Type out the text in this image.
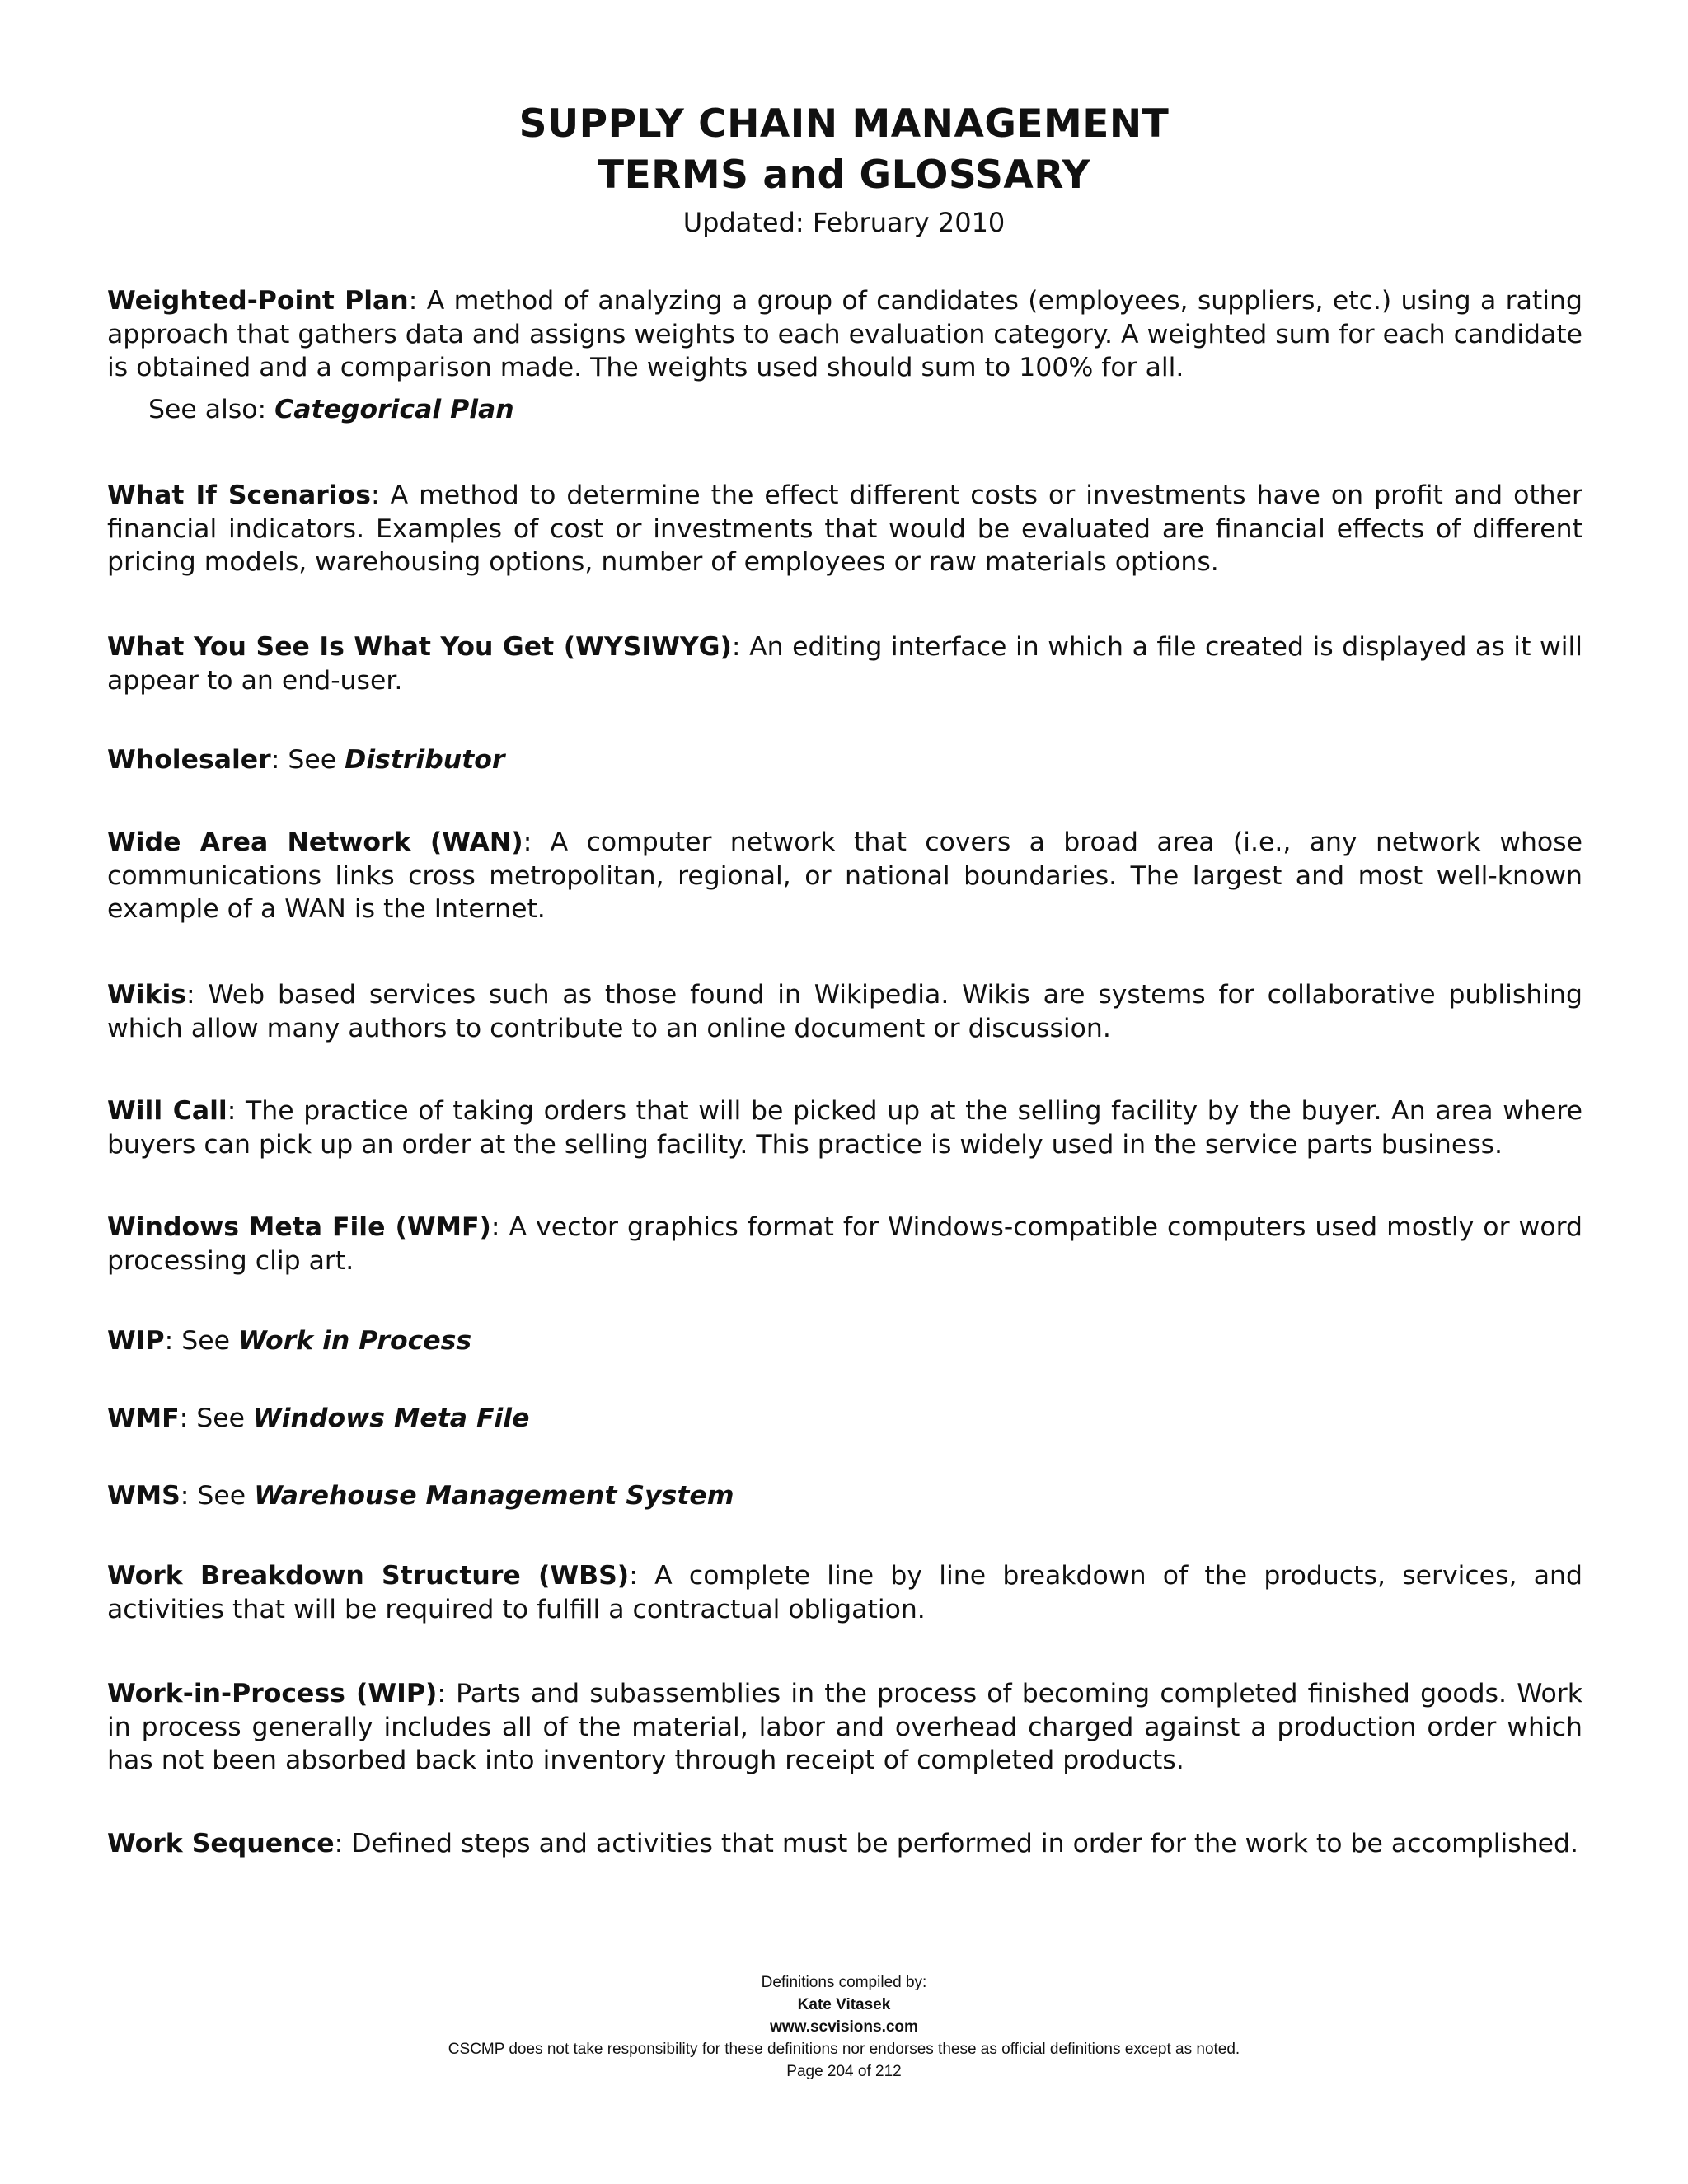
SUPPLY CHAIN MANAGEMENT
TERMS and GLOSSARY
Updated: February 2010

Weighted-Point Plan: A method of analyzing a group of candidates (employees, suppliers, etc.) using a rating approach that gathers data and assigns weights to each evaluation category. A weighted sum for each candidate is obtained and a comparison made. The weights used should sum to 100% for all.

See also: Categorical Plan

What If Scenarios: A method to determine the effect different costs or investments have on profit and other financial indicators. Examples of cost or investments that would be evaluated are financial effects of different pricing models, warehousing options, number of employees or raw materials options.

What You See Is What You Get (WYSIWYG): An editing interface in which a file created is displayed as it will appear to an end-user.

Wholesaler: See Distributor

Wide Area Network (WAN): A computer network that covers a broad area (i.e., any network whose communications links cross metropolitan, regional, or national boundaries. The largest and most well-known example of a WAN is the Internet.

Wikis: Web based services such as those found in Wikipedia. Wikis are systems for collaborative publishing which allow many authors to contribute to an online document or discussion.

Will Call: The practice of taking orders that will be picked up at the selling facility by the buyer. An area where buyers can pick up an order at the selling facility. This practice is widely used in the service parts business.

Windows Meta File (WMF): A vector graphics format for Windows-compatible computers used mostly or word processing clip art.

WIP: See Work in Process

WMF: See Windows Meta File

WMS: See Warehouse Management System

Work Breakdown Structure (WBS): A complete line by line breakdown of the products, services, and activities that will be required to fulfill a contractual obligation.

Work-in-Process (WIP): Parts and subassemblies in the process of becoming completed finished goods. Work in process generally includes all of the material, labor and overhead charged against a production order which has not been absorbed back into inventory through receipt of completed products.

Work Sequence: Defined steps and activities that must be performed in order for the work to be accomplished.

Definitions compiled by:
Kate Vitasek
www.scvisions.com
CSCMP does not take responsibility for these definitions nor endorses these as official definitions except as noted.
Page 204 of 212
